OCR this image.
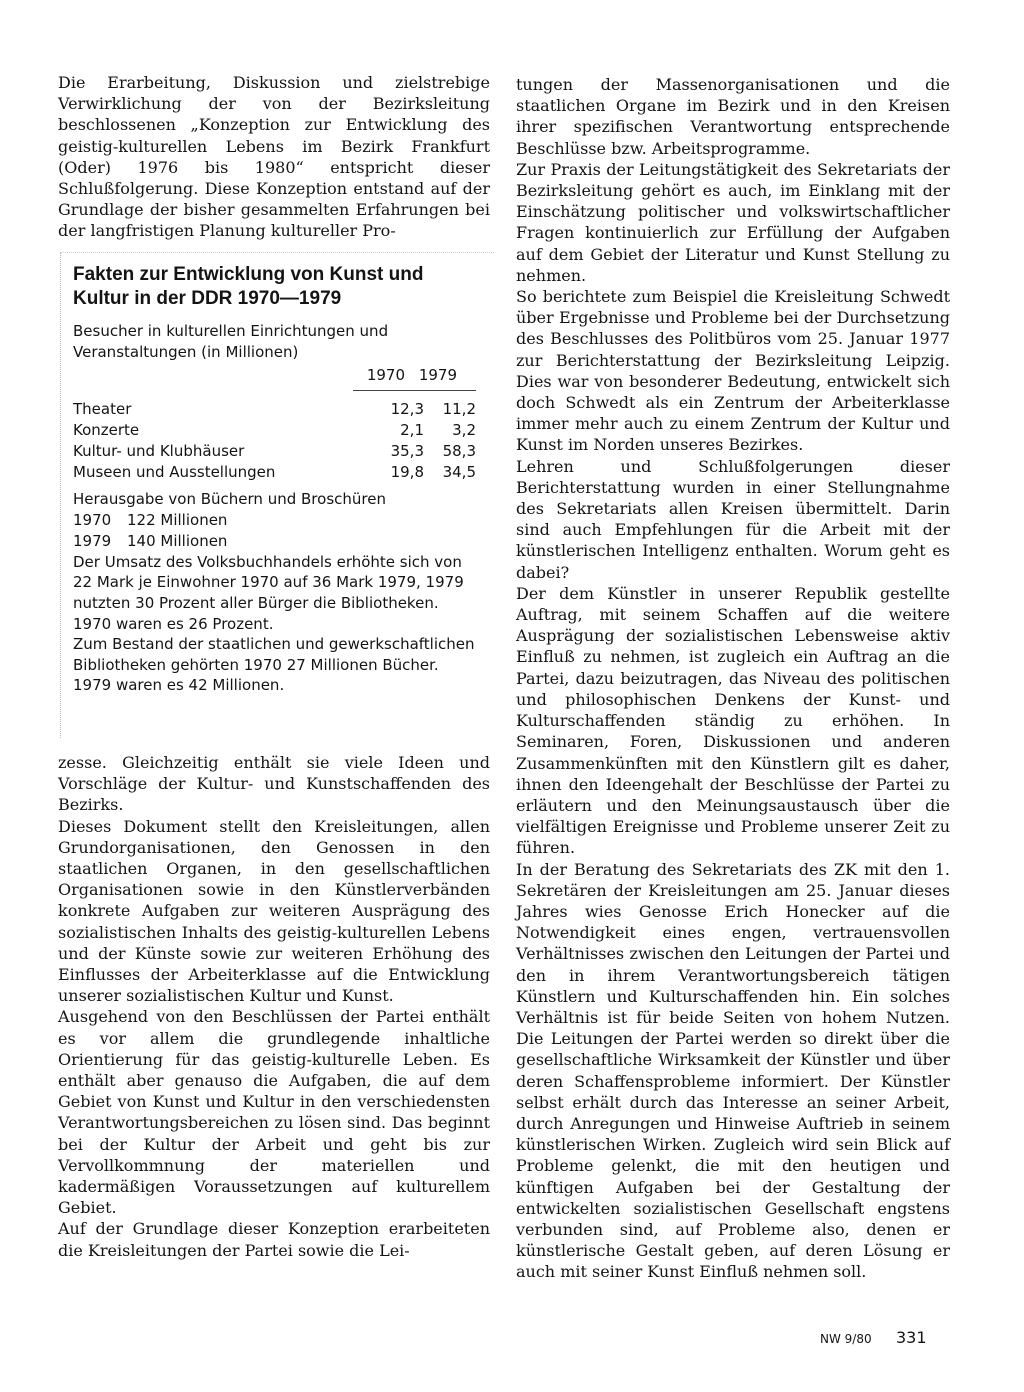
Die Erarbeitung, Diskussion und zielstrebige Verwirklichung der von der Bezirksleitung beschlossenen „Konzeption zur Entwicklung des geistig-kulturellen Lebens im Bezirk Frankfurt (Oder) 1976 bis 1980“ entspricht dieser Schlußfolgerung. Diese Konzeption entstand auf der Grundlage der bisher gesammelten Erfahrungen bei der langfristigen Planung kultureller Pro-

Fakten zur Entwicklung von Kunst und Kultur in der DDR 1970—1979

Besucher in kulturellen Einrichtungen und Veranstaltungen (in Millionen)

1970 1979
Theater	12,3	11,2
Konzerte	2,1	3,2
Kultur- und Klubhäuser	35,3	58,3
Museen und Ausstellungen	19,8	34,5

Herausgabe von Büchern und Broschüren

1970	122 Millionen
1979	140 Millionen

Der Umsatz des Volksbuchhandels erhöhte sich von 22 Mark je Einwohner 1970 auf 36 Mark 1979, 1979 nutzten 30 Prozent aller Bürger die Bibliotheken. 1970 waren es 26 Prozent.

Zum Bestand der staatlichen und gewerkschaftlichen Bibliotheken gehörten 1970 27 Millionen Bücher. 1979 waren es 42 Millionen.

zesse. Gleichzeitig enthält sie viele Ideen und Vorschläge der Kultur- und Kunstschaffenden des Bezirks.

Dieses Dokument stellt den Kreisleitungen, allen Grundorganisationen, den Genossen in den staatlichen Organen, in den gesellschaftlichen Organisationen sowie in den Künstlerverbänden konkrete Aufgaben zur weiteren Ausprägung des sozialistischen Inhalts des geistig-kulturellen Lebens und der Künste sowie zur weiteren Erhöhung des Einflusses der Arbeiterklasse auf die Entwicklung unserer sozialistischen Kultur und Kunst.

Ausgehend von den Beschlüssen der Partei enthält es vor allem die grundlegende inhaltliche Orientierung für das geistig-kulturelle Leben. Es enthält aber genauso die Aufgaben, die auf dem Gebiet von Kunst und Kultur in den verschiedensten Verantwortungsbereichen zu lösen sind. Das beginnt bei der Kultur der Arbeit und geht bis zur Vervollkommnung der materiellen und kadermäßigen Voraussetzungen auf kulturellem Gebiet.

Auf der Grundlage dieser Konzeption erarbeiteten die Kreisleitungen der Partei sowie die Lei-

tungen der Massenorganisationen und die staatlichen Organe im Bezirk und in den Kreisen ihrer spezifischen Verantwortung entsprechende Beschlüsse bzw. Arbeitsprogramme.

Zur Praxis der Leitungstätigkeit des Sekretariats der Bezirksleitung gehört es auch, im Einklang mit der Einschätzung politischer und volkswirtschaftlicher Fragen kontinuierlich zur Erfüllung der Aufgaben auf dem Gebiet der Literatur und Kunst Stellung zu nehmen.

So berichtete zum Beispiel die Kreisleitung Schwedt über Ergebnisse und Probleme bei der Durchsetzung des Beschlusses des Politbüros vom 25. Januar 1977 zur Berichterstattung der Bezirksleitung Leipzig. Dies war von besonderer Bedeutung, entwickelt sich doch Schwedt als ein Zentrum der Arbeiterklasse immer mehr auch zu einem Zentrum der Kultur und Kunst im Norden unseres Bezirkes.

Lehren und Schlußfolgerungen dieser Berichterstattung wurden in einer Stellungnahme des Sekretariats allen Kreisen übermittelt. Darin sind auch Empfehlungen für die Arbeit mit der künstlerischen Intelligenz enthalten. Worum geht es dabei?

Der dem Künstler in unserer Republik gestellte Auftrag, mit seinem Schaffen auf die weitere Ausprägung der sozialistischen Lebensweise aktiv Einfluß zu nehmen, ist zugleich ein Auftrag an die Partei, dazu beizutragen, das Niveau des politischen und philosophischen Denkens der Kunst- und Kulturschaffenden ständig zu erhöhen. In Seminaren, Foren, Diskussionen und anderen Zusammenkünften mit den Künstlern gilt es daher, ihnen den Ideengehalt der Beschlüsse der Partei zu erläutern und den Meinungsaustausch über die vielfältigen Ereignisse und Probleme unserer Zeit zu führen.

In der Beratung des Sekretariats des ZK mit den 1. Sekretären der Kreisleitungen am 25. Januar dieses Jahres wies Genosse Erich Honecker auf die Notwendigkeit eines engen, vertrauensvollen Verhältnisses zwischen den Leitungen der Partei und den in ihrem Verantwortungsbereich tätigen Künstlern und Kulturschaffenden hin. Ein solches Verhältnis ist für beide Seiten von hohem Nutzen. Die Leitungen der Partei werden so direkt über die gesellschaftliche Wirksamkeit der Künstler und über deren Schaffensprobleme informiert. Der Künstler selbst erhält durch das Interesse an seiner Arbeit, durch Anregungen und Hinweise Auftrieb in seinem künstlerischen Wirken. Zugleich wird sein Blick auf Probleme gelenkt, die mit den heutigen und künftigen Aufgaben bei der Gestaltung der entwickelten sozialistischen Gesellschaft engstens verbunden sind, auf Probleme also, denen er künstlerische Gestalt geben, auf deren Lösung er auch mit seiner Kunst Einfluß nehmen soll.

NW 9/80 331
